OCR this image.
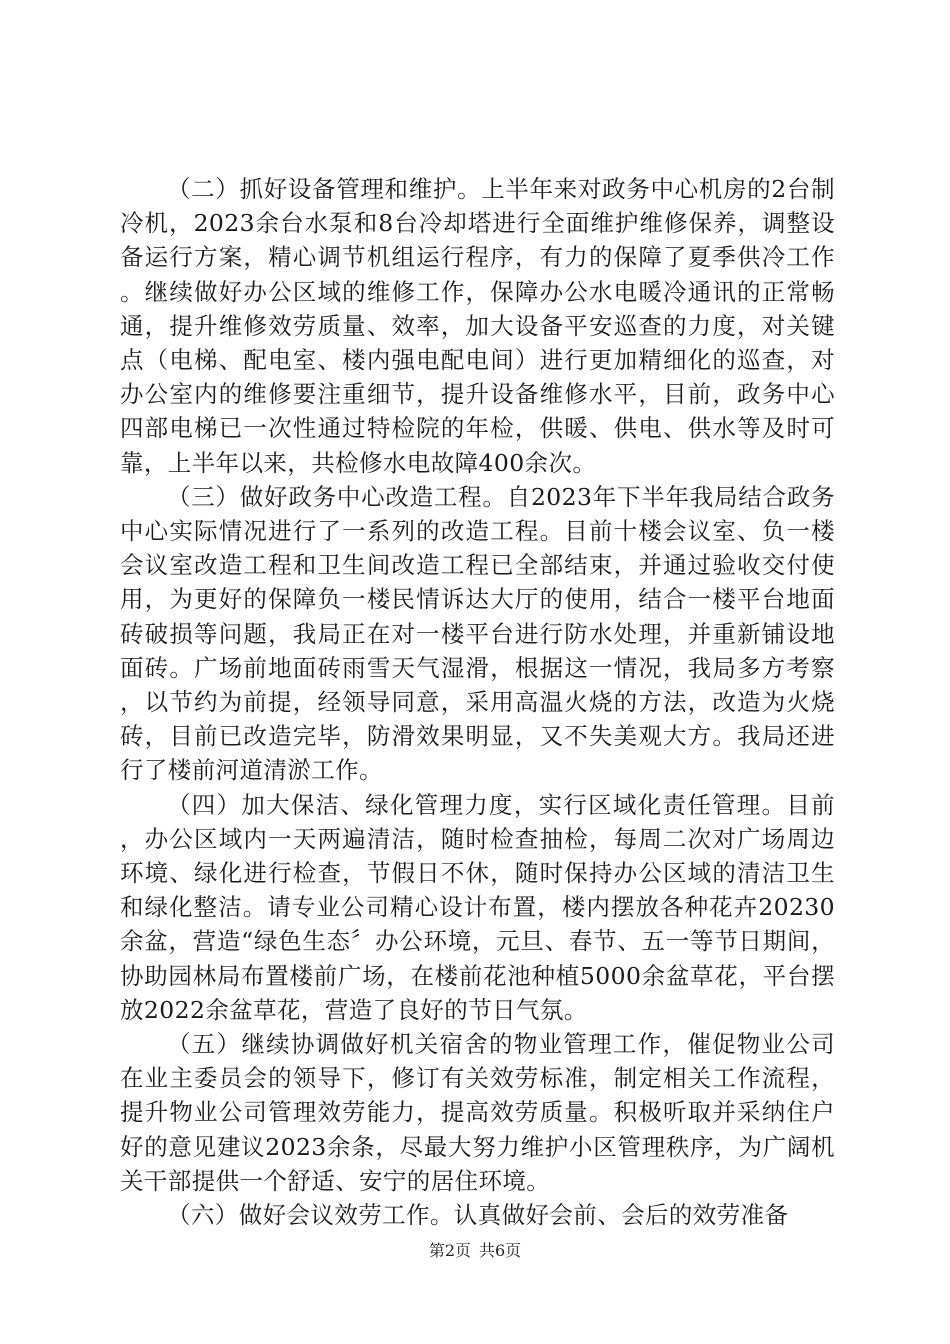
（二）抓好设备管理和维护。上半年来对政务中心机房的2台制冷机，2023余台水泵和8台冷却塔进行全面维护维修保养，调整设备运行方案，精心调节机组运行程序，有力的保障了夏季供冷工作。继续做好办公区域的维修工作，保障办公水电暖冷通讯的正常畅通，提升维修效劳质量、效率，加大设备平安巡查的力度，对关键点（电梯、配电室、楼内强电配电间）进行更加精细化的巡查，对办公室内的维修要注重细节，提升设备维修水平，目前，政务中心四部电梯已一次性通过特检院的年检，供暖、供电、供水等及时可靠，上半年以来，共检修水电故障400余次。

（三）做好政务中心改造工程。自2023年下半年我局结合政务中心实际情况进行了一系列的改造工程。目前十楼会议室、负一楼会议室改造工程和卫生间改造工程已全部结束，并通过验收交付使用，为更好的保障负一楼民情诉达大厅的使用，结合一楼平台地面砖破损等问题，我局正在对一楼平台进行防水处理，并重新铺设地面砖。广场前地面砖雨雪天气湿滑，根据这一情况，我局多方考察，以节约为前提，经领导同意，采用高温火烧的方法，改造为火烧砖，目前已改造完毕，防滑效果明显，又不失美观大方。我局还进行了楼前河道清淤工作。

（四）加大保洁、绿化管理力度，实行区域化责任管理。目前，办公区域内一天两遍清洁，随时检查抽检，每周二次对广场周边环境、绿化进行检查，节假日不休，随时保持办公区域的清洁卫生和绿化整洁。请专业公司精心设计布置，楼内摆放各种花卉20230余盆，营造“绿色生态〞办公环境，元旦、春节、五一等节日期间，协助园林局布置楼前广场，在楼前花池种植5000余盆草花，平台摆放2022余盆草花，营造了良好的节日气氛。

（五）继续协调做好机关宿舍的物业管理工作，催促物业公司在业主委员会的领导下，修订有关效劳标准，制定相关工作流程，提升物业公司管理效劳能力，提高效劳质量。积极听取并采纳住户好的意见建议2023余条，尽最大努力维护小区管理秩序，为广阔机关干部提供一个舒适、安宁的居住环境。

（六）做好会议效劳工作。认真做好会前、会后的效劳准备

第2页 共6页
